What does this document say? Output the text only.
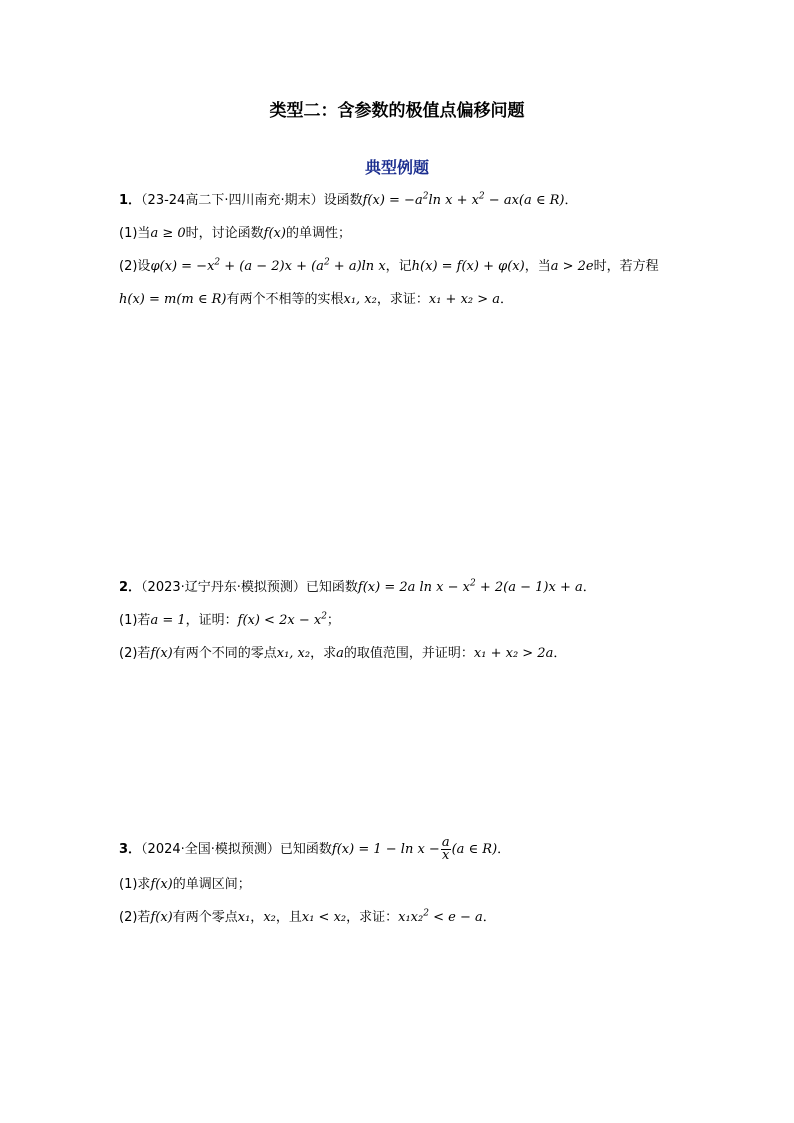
类型二：含参数的极值点偏移问题
典型例题
1．（23-24高二下·四川南充·期末）设函数$f(x) = -a^2\ln$ $x + x^2 - ax(a$ ∈ R)．
(1)当a ≥ 0时，讨论函数f(x)的单调性；
(2)设$\varphi(x) = -x^2 + (a - 2)x + (a^2 + a)\ln$ x，记h(x) = f(x) + φ(x)，当a > 2e时，若方程
h(x) = m(m ∈ R)有两个不相等的实根x₁, x₂，求证：x₁ + x₂ > a．
2．（2023·辽宁丹东·模拟预测）已知函数f(x) = 2a $\ln x - x^2 + 2(a - 1)x + a$．
(1)若a = 1，证明：$f(x) < 2x - x^2$；
(2)若f(x)有两个不同的零点x₁, x₂，求a的取值范围，并证明：x₁ + x₂ > 2a．
3．（2024·全国·模拟预测）已知函数$f(x) = 1 - \ln x - \frac{a}{x} (a$ ∈ R)．
(1)求f(x)的单调区间；
(2)若f(x)有两个零点x₁，x₂，且x₁ < x₂，求证：x₁x₂$^2$ < e − a．
